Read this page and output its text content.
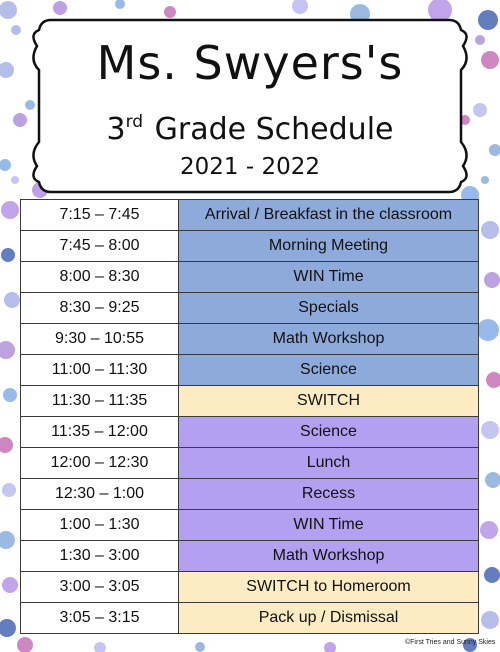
Ms. Swyers's
3rd Grade Schedule
2021 - 2022
7:15 – 7:45	Arrival / Breakfast in the classroom
7:45 – 8:00	Morning Meeting
8:00 – 8:30	WIN Time
8:30 – 9:25	Specials
9:30 – 10:55	Math Workshop
11:00 – 11:30	Science
11:30 – 11:35	SWITCH
11:35 – 12:00	Science
12:00 – 12:30	Lunch
12:30 – 1:00	Recess
1:00 – 1:30	WIN Time
1:30 – 3:00	Math Workshop
3:00 – 3:05	SWITCH to Homeroom
3:05 – 3:15	Pack up / Dismissal
©First Tries and Sunny Skies
